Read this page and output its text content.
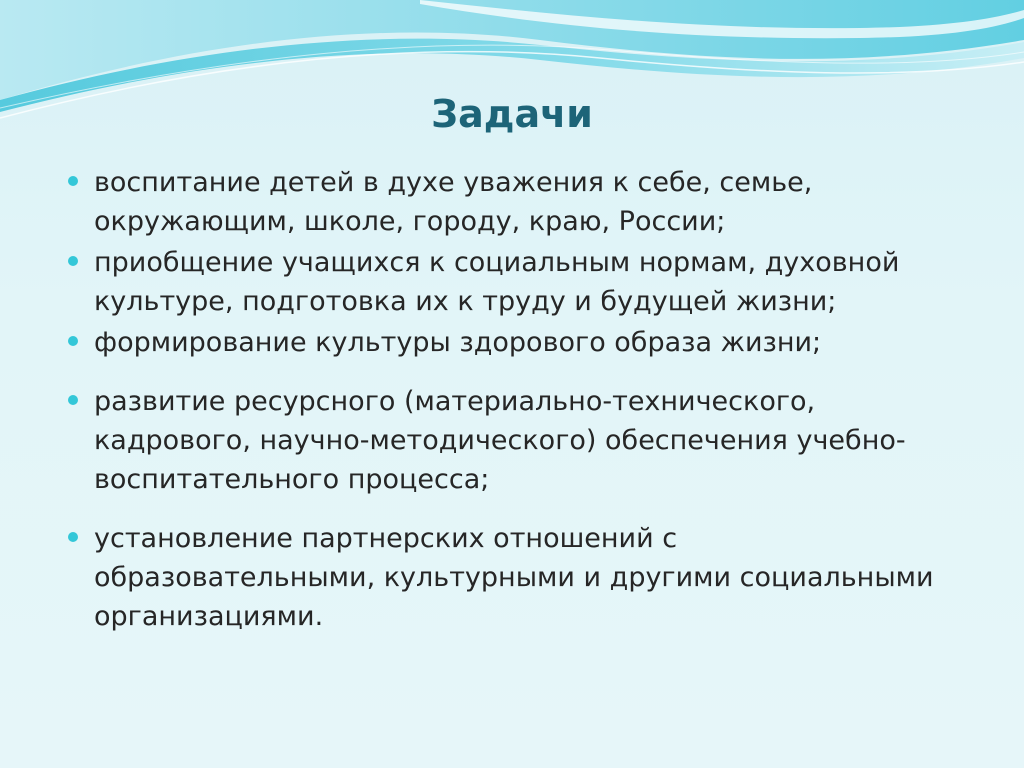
Задачи
воспитание детей в духе уважения к себе, семье, окружающим, школе, городу, краю, России;
приобщение учащихся к социальным нормам, духовной культуре, подготовка их к труду и будущей жизни;
формирование культуры здорового образа жизни;
развитие ресурсного (материально-технического, кадрового, научно-методического) обеспечения учебно-воспитательного процесса;
установление партнерских отношений с образовательными, культурными и другими социальными организациями.
